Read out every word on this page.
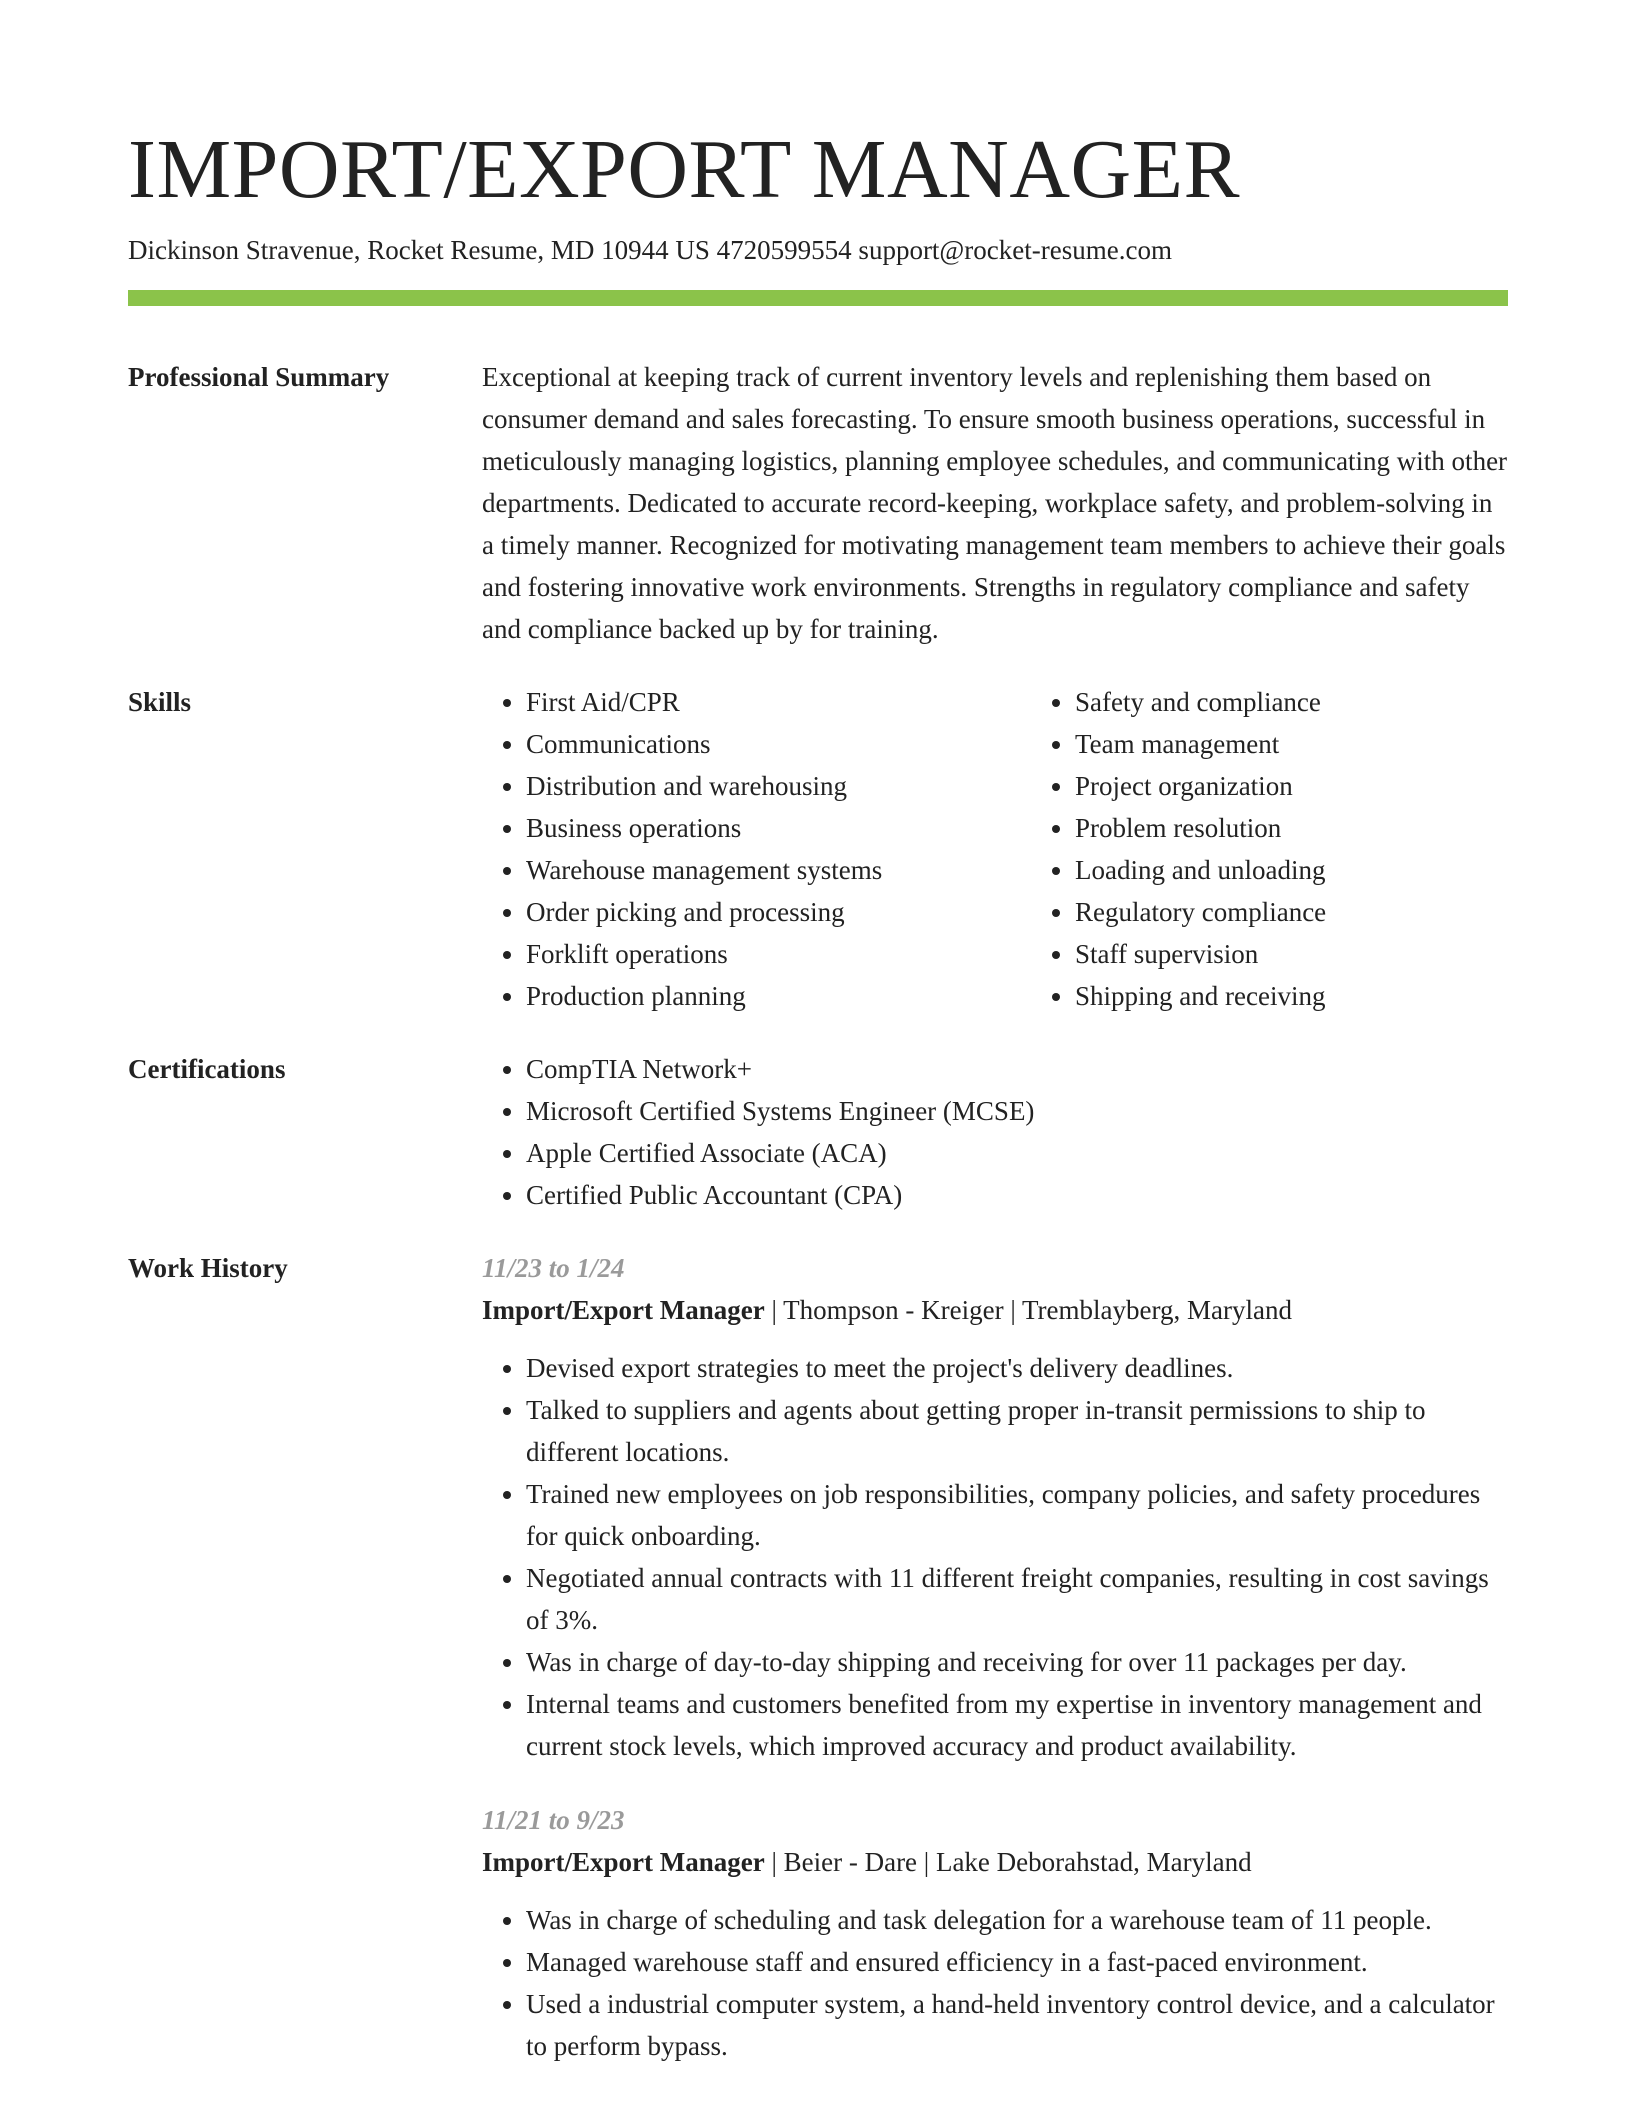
IMPORT/EXPORT MANAGER
Dickinson Stravenue, Rocket Resume, MD 10944 US 4720599554 support@rocket-resume.com
Professional Summary	Exceptional at keeping track of current inventory levels and replenishing them based on consumer demand and sales forecasting. To ensure smooth business operations, successful in meticulously managing logistics, planning employee schedules, and communicating with other departments. Dedicated to accurate record-keeping, workplace safety, and problem-solving in a timely manner. Recognized for motivating management team members to achieve their goals and fostering innovative work environments. Strengths in regulatory compliance and safety and compliance backed up by for training.

Skills	• First Aid/CPR
• Communications
• Distribution and warehousing
• Business operations
• Warehouse management systems
• Order picking and processing
• Forklift operations
• Production planning
• Safety and compliance
• Team management
• Project organization
• Problem resolution
• Loading and unloading
• Regulatory compliance
• Staff supervision
• Shipping and receiving
Certifications	• CompTIA Network+
• Microsoft Certified Systems Engineer (MCSE)
• Apple Certified Associate (ACA)
• Certified Public Accountant (CPA)
Work History	11/23 to 1/24
Import/Export Manager | Thompson - Kreiger | Tremblayberg, Maryland
• Devised export strategies to meet the project's delivery deadlines.
• Talked to suppliers and agents about getting proper in-transit permissions to ship to different locations.
• Trained new employees on job responsibilities, company policies, and safety procedures for quick onboarding.
• Negotiated annual contracts with 11 different freight companies, resulting in cost savings of 3%.
• Was in charge of day-to-day shipping and receiving for over 11 packages per day.
• Internal teams and customers benefited from my expertise in inventory management and current stock levels, which improved accuracy and product availability.
11/21 to 9/23
Import/Export Manager | Beier - Dare | Lake Deborahstad, Maryland
• Was in charge of scheduling and task delegation for a warehouse team of 11 people.
• Managed warehouse staff and ensured efficiency in a fast-paced environment.
• Used a industrial computer system, a hand-held inventory control device, and a calculator to perform bypass.
